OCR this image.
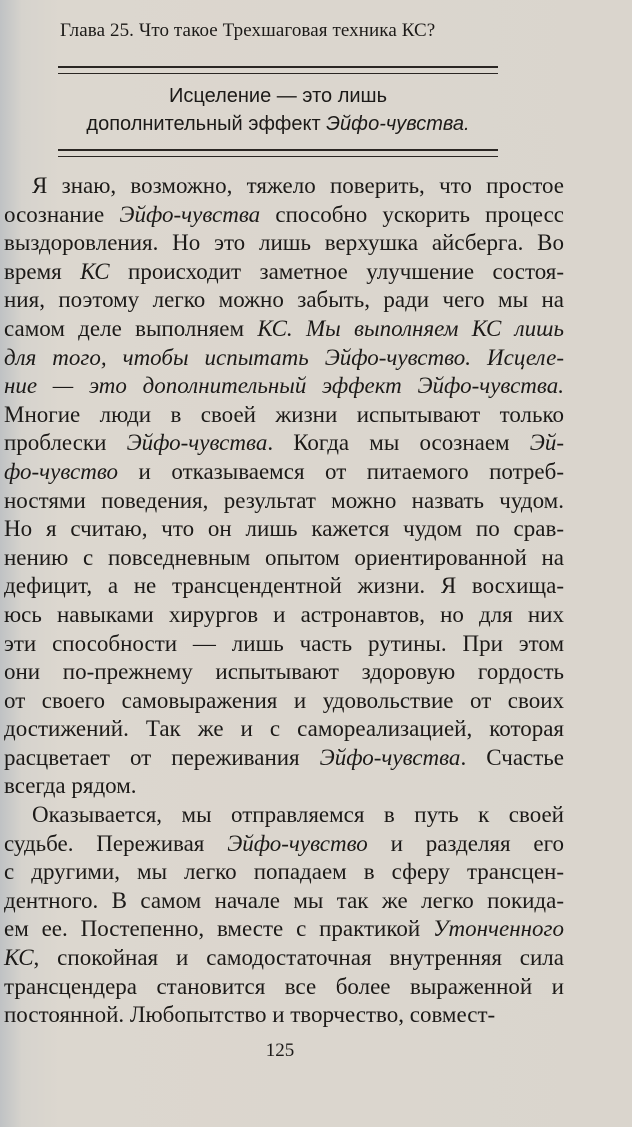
Глава 25. Что такое Трехшаговая техника КС?
Исцеление — это лишь
дополнительный эффект Эйфо-чувства.
Я знаю, возможно, тяжело поверить, что простое
осознание Эйфо-чувства способно ускорить процесс
выздоровления. Но это лишь верхушка айсберга. Во
время КС происходит заметное улучшение состоя-
ния, поэтому легко можно забыть, ради чего мы на
самом деле выполняем КС. Мы выполняем КС лишь
для того, чтобы испытать Эйфо-чувство. Исцеле-
ние — это дополнительный эффект Эйфо-чувства.
Многие люди в своей жизни испытывают только
проблески Эйфо-чувства. Когда мы осознаем Эй-
фо-чувство и отказываемся от питаемого потреб-
ностями поведения, результат можно назвать чудом.
Но я считаю, что он лишь кажется чудом по срав-
нению с повседневным опытом ориентированной на
дефицит, а не трансцендентной жизни. Я восхища-
юсь навыками хирургов и астронавтов, но для них
эти способности — лишь часть рутины. При этом
они по-прежнему испытывают здоровую гордость
от своего самовыражения и удовольствие от своих
достижений. Так же и с самореализацией, которая
расцветает от переживания Эйфо-чувства. Счастье
всегда рядом.
Оказывается, мы отправляемся в путь к своей
судьбе. Переживая Эйфо-чувство и разделяя его
с другими, мы легко попадаем в сферу трансцен-
дентного. В самом начале мы так же легко покида-
ем ее. Постепенно, вместе с практикой Утонченного
КС, спокойная и самодостаточная внутренняя сила
трансцендера становится все более выраженной и
постоянной. Любопытство и творчество, совмест-
125
